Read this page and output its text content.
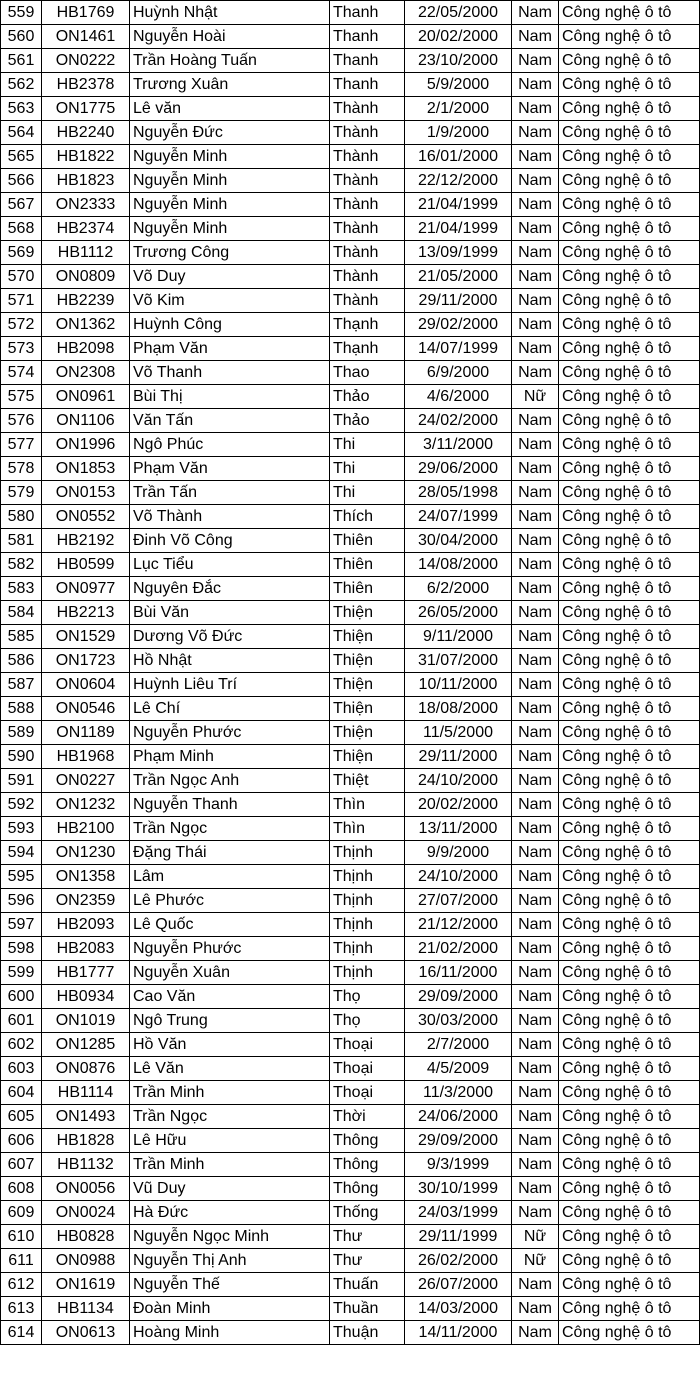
559	HB1769	Huỳnh Nhật	Thanh	22/05/2000	Nam	Công nghệ ô tô
560	ON1461	Nguyễn Hoài	Thanh	20/02/2000	Nam	Công nghệ ô tô
561	ON0222	Trần Hoàng Tuấn	Thanh	23/10/2000	Nam	Công nghệ ô tô
562	HB2378	Trương Xuân	Thanh	5/9/2000	Nam	Công nghệ ô tô
563	ON1775	Lê văn	Thành	2/1/2000	Nam	Công nghệ ô tô
564	HB2240	Nguyễn Đức	Thành	1/9/2000	Nam	Công nghệ ô tô
565	HB1822	Nguyễn Minh	Thành	16/01/2000	Nam	Công nghệ ô tô
566	HB1823	Nguyễn Minh	Thành	22/12/2000	Nam	Công nghệ ô tô
567	ON2333	Nguyễn Minh	Thành	21/04/1999	Nam	Công nghệ ô tô
568	HB2374	Nguyễn Minh	Thành	21/04/1999	Nam	Công nghệ ô tô
569	HB1112	Trương Công	Thành	13/09/1999	Nam	Công nghệ ô tô
570	ON0809	Võ Duy	Thành	21/05/2000	Nam	Công nghệ ô tô
571	HB2239	Võ Kim	Thành	29/11/2000	Nam	Công nghệ ô tô
572	ON1362	Huỳnh Công	Thạnh	29/02/2000	Nam	Công nghệ ô tô
573	HB2098	Phạm Văn	Thạnh	14/07/1999	Nam	Công nghệ ô tô
574	ON2308	Võ Thanh	Thao	6/9/2000	Nam	Công nghệ ô tô
575	ON0961	Bùi Thị	Thảo	4/6/2000	Nữ	Công nghệ ô tô
576	ON1106	Văn Tấn	Thảo	24/02/2000	Nam	Công nghệ ô tô
577	ON1996	Ngô Phúc	Thi	3/11/2000	Nam	Công nghệ ô tô
578	ON1853	Phạm Văn	Thi	29/06/2000	Nam	Công nghệ ô tô
579	ON0153	Trần Tấn	Thi	28/05/1998	Nam	Công nghệ ô tô
580	ON0552	Võ Thành	Thích	24/07/1999	Nam	Công nghệ ô tô
581	HB2192	Đinh Võ Công	Thiên	30/04/2000	Nam	Công nghệ ô tô
582	HB0599	Lục Tiểu	Thiên	14/08/2000	Nam	Công nghệ ô tô
583	ON0977	Nguyên Đắc	Thiên	6/2/2000	Nam	Công nghệ ô tô
584	HB2213	Bùi Văn	Thiện	26/05/2000	Nam	Công nghệ ô tô
585	ON1529	Dương Võ Đức	Thiện	9/11/2000	Nam	Công nghệ ô tô
586	ON1723	Hồ Nhật	Thiện	31/07/2000	Nam	Công nghệ ô tô
587	ON0604	Huỳnh Liêu Trí	Thiện	10/11/2000	Nam	Công nghệ ô tô
588	ON0546	Lê Chí	Thiện	18/08/2000	Nam	Công nghệ ô tô
589	ON1189	Nguyễn Phước	Thiện	11/5/2000	Nam	Công nghệ ô tô
590	HB1968	Phạm Minh	Thiện	29/11/2000	Nam	Công nghệ ô tô
591	ON0227	Trần Ngọc Anh	Thiệt	24/10/2000	Nam	Công nghệ ô tô
592	ON1232	Nguyễn Thanh	Thìn	20/02/2000	Nam	Công nghệ ô tô
593	HB2100	Trần Ngọc	Thìn	13/11/2000	Nam	Công nghệ ô tô
594	ON1230	Đặng Thái	Thịnh	9/9/2000	Nam	Công nghệ ô tô
595	ON1358	Lâm	Thịnh	24/10/2000	Nam	Công nghệ ô tô
596	ON2359	Lê Phước	Thịnh	27/07/2000	Nam	Công nghệ ô tô
597	HB2093	Lê Quốc	Thịnh	21/12/2000	Nam	Công nghệ ô tô
598	HB2083	Nguyễn Phước	Thịnh	21/02/2000	Nam	Công nghệ ô tô
599	HB1777	Nguyễn Xuân	Thịnh	16/11/2000	Nam	Công nghệ ô tô
600	HB0934	Cao Văn	Thọ	29/09/2000	Nam	Công nghệ ô tô
601	ON1019	Ngô Trung	Thọ	30/03/2000	Nam	Công nghệ ô tô
602	ON1285	Hồ Văn	Thoại	2/7/2000	Nam	Công nghệ ô tô
603	ON0876	Lê Văn	Thoại	4/5/2009	Nam	Công nghệ ô tô
604	HB1114	Trần Minh	Thoại	11/3/2000	Nam	Công nghệ ô tô
605	ON1493	Trần Ngọc	Thời	24/06/2000	Nam	Công nghệ ô tô
606	HB1828	Lê Hữu	Thông	29/09/2000	Nam	Công nghệ ô tô
607	HB1132	Trần Minh	Thông	9/3/1999	Nam	Công nghệ ô tô
608	ON0056	Vũ Duy	Thông	30/10/1999	Nam	Công nghệ ô tô
609	ON0024	Hà Đức	Thống	24/03/1999	Nam	Công nghệ ô tô
610	HB0828	Nguyễn Ngọc Minh	Thư	29/11/1999	Nữ	Công nghệ ô tô
611	ON0988	Nguyễn Thị Anh	Thư	26/02/2000	Nữ	Công nghệ ô tô
612	ON1619	Nguyễn Thế	Thuấn	26/07/2000	Nam	Công nghệ ô tô
613	HB1134	Đoàn Minh	Thuần	14/03/2000	Nam	Công nghệ ô tô
614	ON0613	Hoàng Minh	Thuận	14/11/2000	Nam	Công nghệ ô tô
